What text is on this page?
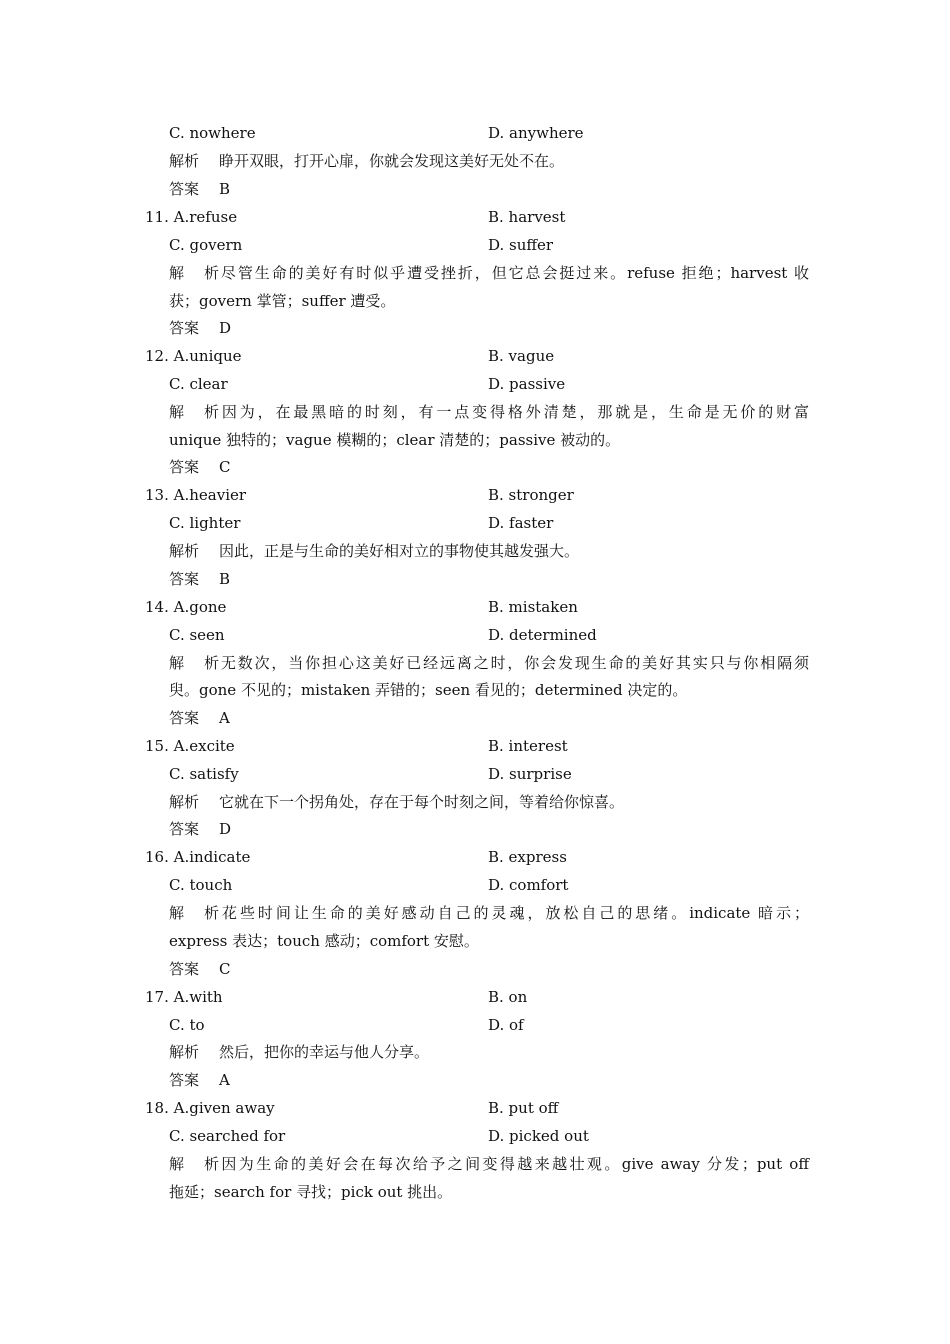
C. nowhere	D. anywhere
解析 睁开双眼，打开心扉，你就会发现这美好无处不在。
答案 B
11. A.refuse	B. harvest
C. govern	D. suffer
解析尽管生命的美好有时似乎遭受挫折，但它总会挺过来。refuse 拒绝；harvest 收
获；govern 掌管；suffer 遭受。
答案 D
12. A.unique	B. vague
C. clear	D. passive
解析因为，在最黑暗的时刻，有一点变得格外清楚，那就是，生命是无价的财富
unique 独特的；vague 模糊的；clear 清楚的；passive 被动的。
答案 C
13. A.heavier	B. stronger
C. lighter	D. faster
解析 因此，正是与生命的美好相对立的事物使其越发强大。
答案 B
14. A.gone	B. mistaken
C. seen	D. determined
解析无数次，当你担心这美好已经远离之时，你会发现生命的美好其实只与你相隔须
臾。gone 不见的；mistaken 弄错的；seen 看见的；determined 决定的。
答案 A
15. A.excite	B. interest
C. satisfy	D. surprise
解析 它就在下一个拐角处，存在于每个时刻之间，等着给你惊喜。
答案 D
16. A.indicate	B. express
C. touch	D. comfort
解析花些时间让生命的美好感动自己的灵魂，放松自己的思绪。indicate 暗示；
express 表达；touch 感动；comfort 安慰。
答案 C
17. A.with	B. on
C. to	D. of
解析 然后，把你的幸运与他人分享。
答案 A
18. A.given away	B. put off
C. searched for	D. picked out
解析因为生命的美好会在每次给予之间变得越来越壮观。give away 分发；put off
拖延；search for 寻找；pick out 挑出。
